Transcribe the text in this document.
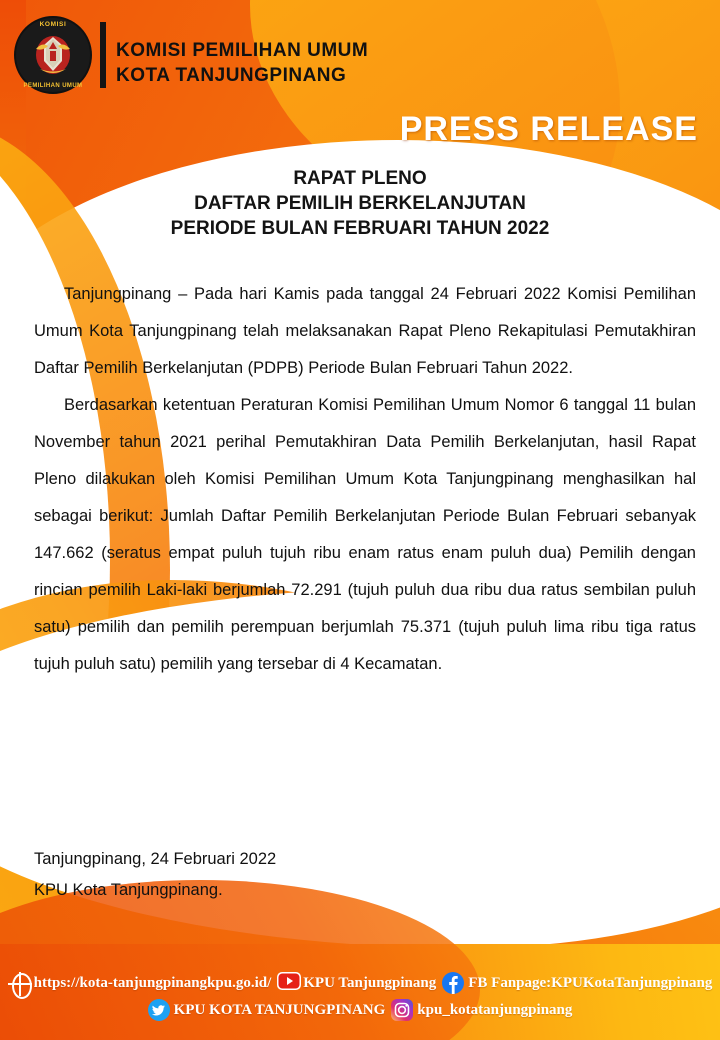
KOMISI
PEMILIHAN UMUM
KOMISI PEMILIHAN UMUM
KOTA TANJUNGPINANG
PRESS RELEASE
RAPAT PLENO
DAFTAR PEMILIH BERKELANJUTAN
PERIODE BULAN FEBRUARI TAHUN 2022

Tanjungpinang – Pada hari Kamis pada tanggal 24 Februari 2022 Komisi Pemilihan Umum Kota Tanjungpinang telah melaksanakan Rapat Pleno Rekapitulasi Pemutakhiran Daftar Pemilih Berkelanjutan (PDPB) Periode Bulan Februari Tahun 2022.

Berdasarkan ketentuan Peraturan Komisi Pemilihan Umum Nomor 6 tanggal 11 bulan November tahun 2021 perihal Pemutakhiran Data Pemilih Berkelanjutan, hasil Rapat Pleno dilakukan oleh Komisi Pemilihan Umum Kota Tanjungpinang menghasilkan hal sebagai berikut: Jumlah Daftar Pemilih Berkelanjutan Periode Bulan Februari sebanyak 147.662 (seratus empat puluh tujuh ribu enam ratus enam puluh dua) Pemilih dengan rincian pemilih Laki-laki berjumlah 72.291 (tujuh puluh dua ribu dua ratus sembilan puluh satu) pemilih dan pemilih perempuan berjumlah 75.371 (tujuh puluh lima ribu tiga ratus tujuh puluh satu) pemilih yang tersebar di 4 Kecamatan.

Tanjungpinang, 24 Februari 2022
KPU Kota Tanjungpinang.
https://kota-tanjungpinangkpu.go.id/ KPU Tanjungpinang FB Fanpage:KPUKotaTanjungpinang
KPU KOTA TANJUNGPINANG kpu_kotatanjungpinang
